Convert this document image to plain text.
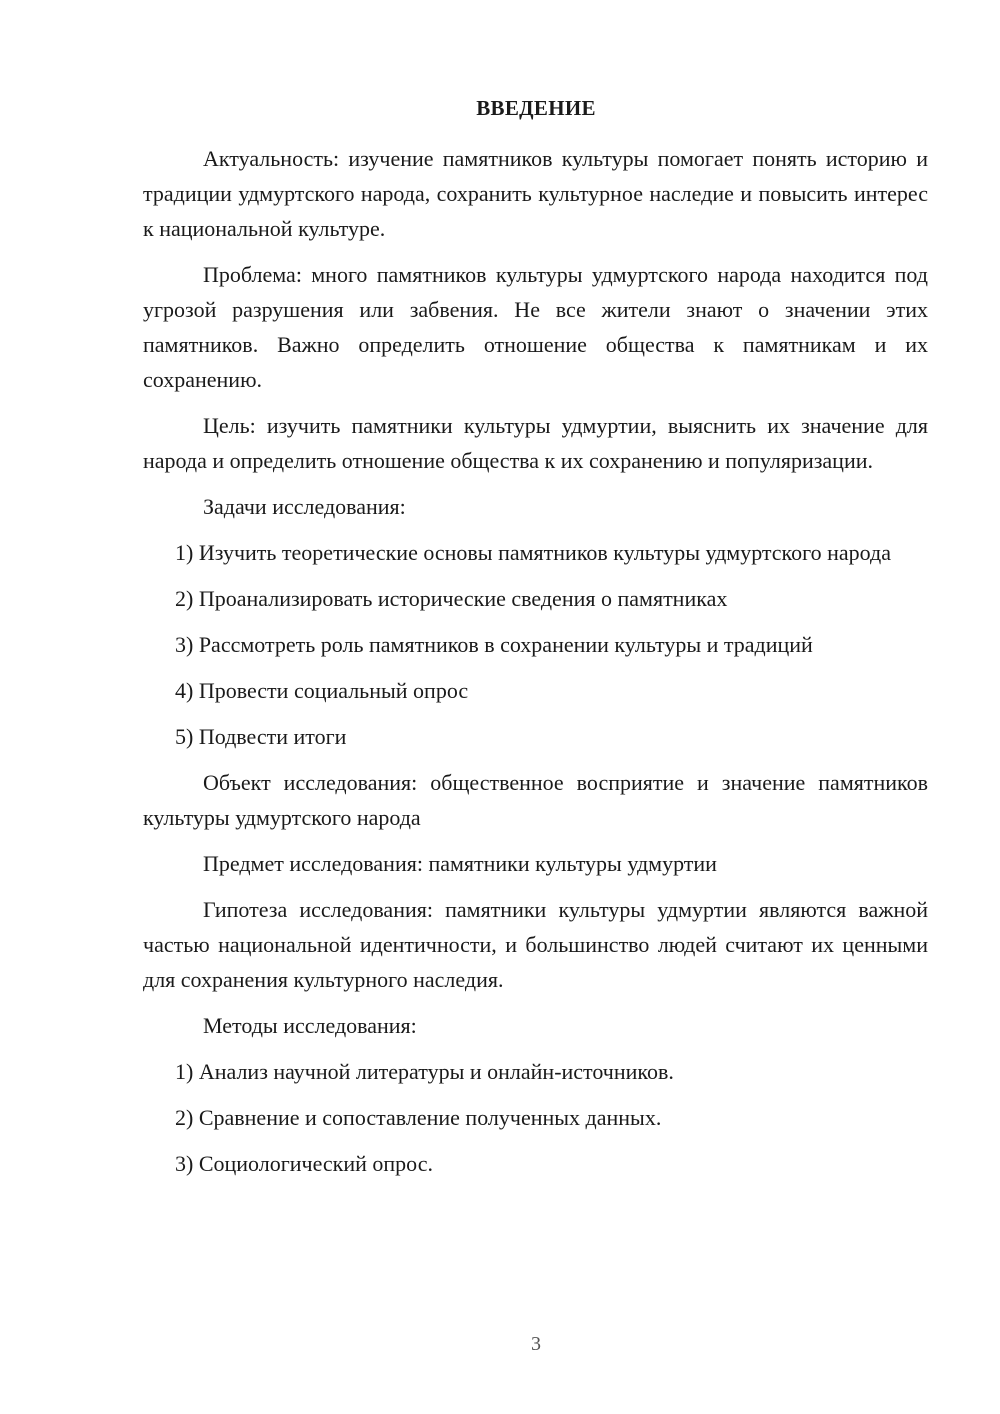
ВВЕДЕНИЕ

Актуальность: изучение памятников культуры помогает понять историю и традиции удмуртского народа, сохранить культурное наследие и повысить интерес к национальной культуре.

Проблема: много памятников культуры удмуртского народа находится под угрозой разрушения или забвения. Не все жители знают о значении этих памятников. Важно определить отношение общества к памятникам и их сохранению.

Цель: изучить памятники культуры удмуртии, выяснить их значение для народа и определить отношение общества к их сохранению и популяризации.

Задачи исследования:

1) Изучить теоретические основы памятников культуры удмуртского народа

2) Проанализировать исторические сведения о памятниках

3) Рассмотреть роль памятников в сохранении культуры и традиций

4) Провести социальный опрос

5) Подвести итоги

Объект исследования: общественное восприятие и значение памятников культуры удмуртского народа

Предмет исследования: памятники культуры удмуртии

Гипотеза исследования: памятники культуры удмуртии являются важной частью национальной идентичности, и большинство людей считают их ценными для сохранения культурного наследия.

Методы исследования:

1) Анализ научной литературы и онлайн-источников.

2) Сравнение и сопоставление полученных данных.

3) Социологический опрос.

3
